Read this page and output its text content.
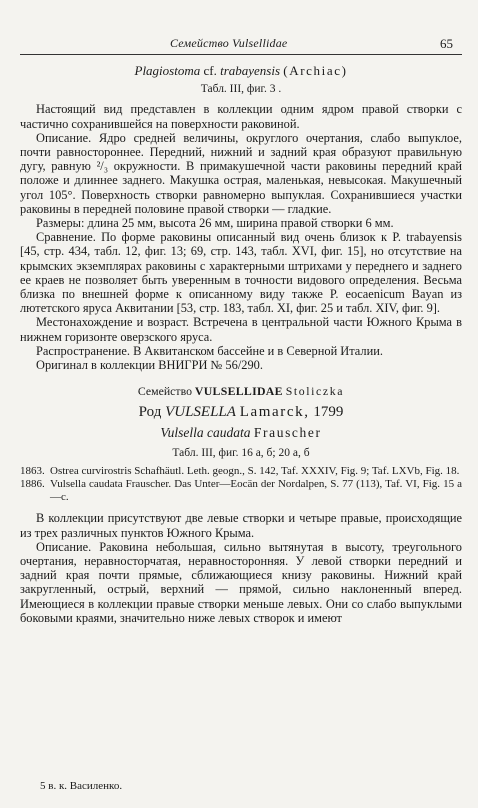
Семейство Vulsellidae	65

Plagiostoma cf. trabayensis (Archiac)

Табл. III, фиг. 3 .

Настоящий вид представлен в коллекции одним ядром правой створки с частично сохранившейся на поверхности раковиной.

Описание. Ядро средней величины, округлого очертания, слабо выпуклое, почти равностороннее. Передний, нижний и задний края образуют правильную дугу, равную ²/₃ окружности. В примакушечной части раковины передний край положе и длиннее заднего. Макушка острая, маленькая, невысокая. Макушечный угол 105°. Поверхность створки равномерно выпуклая. Сохранившиеся участки раковины в передней половине правой створки — гладкие.

Размеры: длина 25 мм, высота 26 мм, ширина правой створки 6 мм.

Сравнение. По форме раковины описанный вид очень близок к P. trabayensis [45, стр. 434, табл. 12, фиг. 13; 69, стр. 143, табл. XVI, фиг. 15], но отсутствие на крымских экземплярах раковины с характерными штрихами у переднего и заднего ее краев не позволяет быть уверенным в точности видового определения. Весьма близка по внешней форме к описанному виду также P. eocaenicum Bayan из лютетского яруса Аквитании [53, стр. 183, табл. XI, фиг. 25 и табл. XIV, фиг. 9].

Местонахождение и возраст. Встречена в центральной части Южного Крыма в нижнем горизонте оверзского яруса.

Распространение. В Аквитанском бассейне и в Северной Италии.

Оригинал в коллекции ВНИГРИ № 56/290.

Семейство VULSELLIDAE Stoliczka

Род VULSELLA Lamarck, 1799

Vulsella caudata Frauscher

Табл. III, фиг. 16 а, б; 20 а, б

1863. Ostrea curvirostris Schafhäutl. Leth. geogn., S. 142, Taf. XXXIV, Fig. 9; Taf. LXVb, Fig. 18.

1886. Vulsella caudata Frauscher. Das Unter—Eocän der Nordalpen, S. 77 (113), Taf. VI, Fig. 15 a—c.

В коллекции присутствуют две левые створки и четыре правые, происходящие из трех различных пунктов Южного Крыма.

Описание. Раковина небольшая, сильно вытянутая в высоту, треугольного очертания, неравносторчатая, неравносторонняя. У левой створки передний и задний края почти прямые, сближающиеся книзу раковины. Нижний край закругленный, острый, верхний — прямой, сильно наклоненный вперед. Имеющиеся в коллекции правые створки меньше левых. Они со слабо выпуклыми боковыми краями, значительно ниже левых створок и имеют

5 в. к. Василенко.
